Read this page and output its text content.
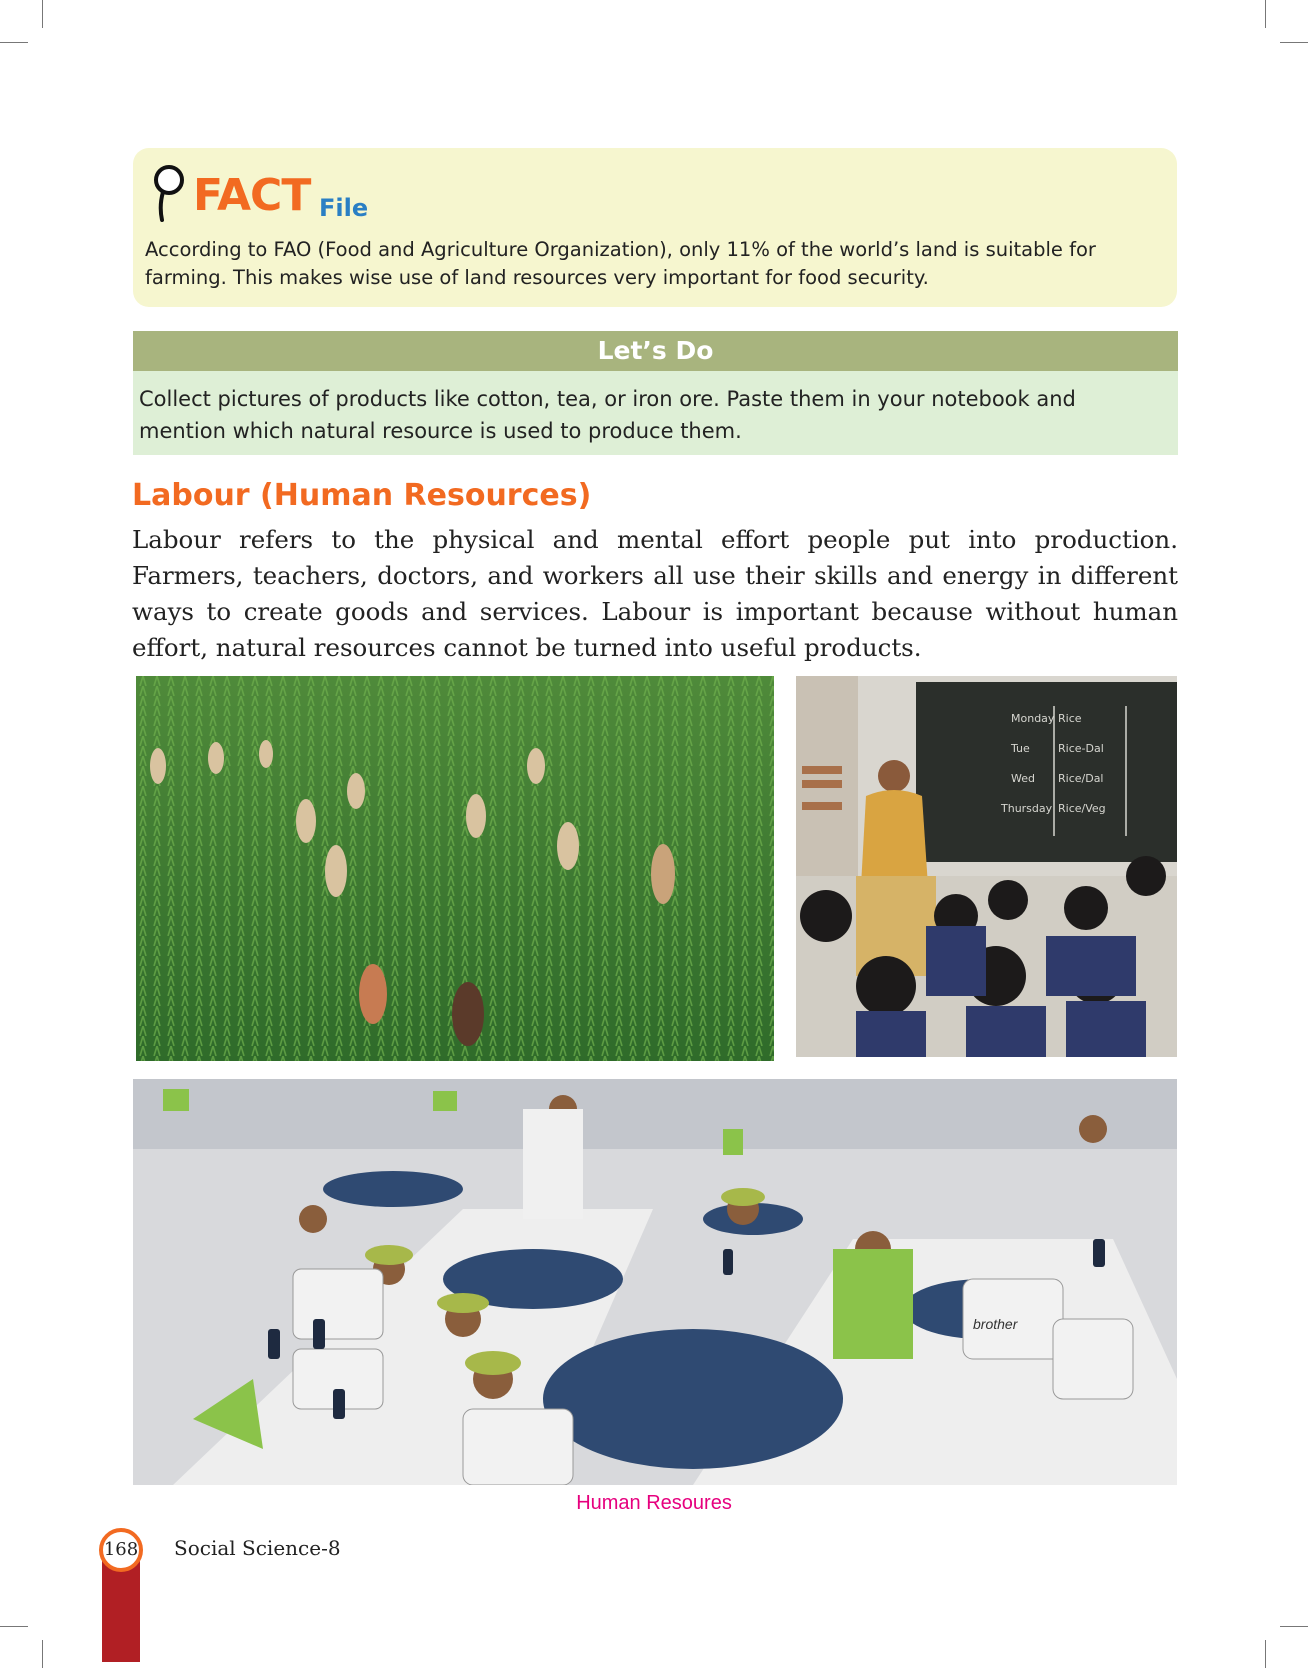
FACT File
According to FAO (Food and Agriculture Organization), only 11% of the world’s land is suitable for farming. This makes wise use of land resources very important for food security.
Let’s Do
Collect pictures of products like cotton, tea, or iron ore. Paste them in your notebook and mention which natural resource is used to produce them.
Labour (Human Resources)
Labour refers to the physical and mental effort people put into production. Farmers, teachers, doctors, and workers all use their skills and energy in different ways to create goods and services. Labour is important because without human effort, natural resources cannot be turned into useful products.
Monday Rice
Tue	Rice-Dal
Wed Rice/Dal
Thursday Rice/Veg
brother
Human Resoures
168 Social Science-8
